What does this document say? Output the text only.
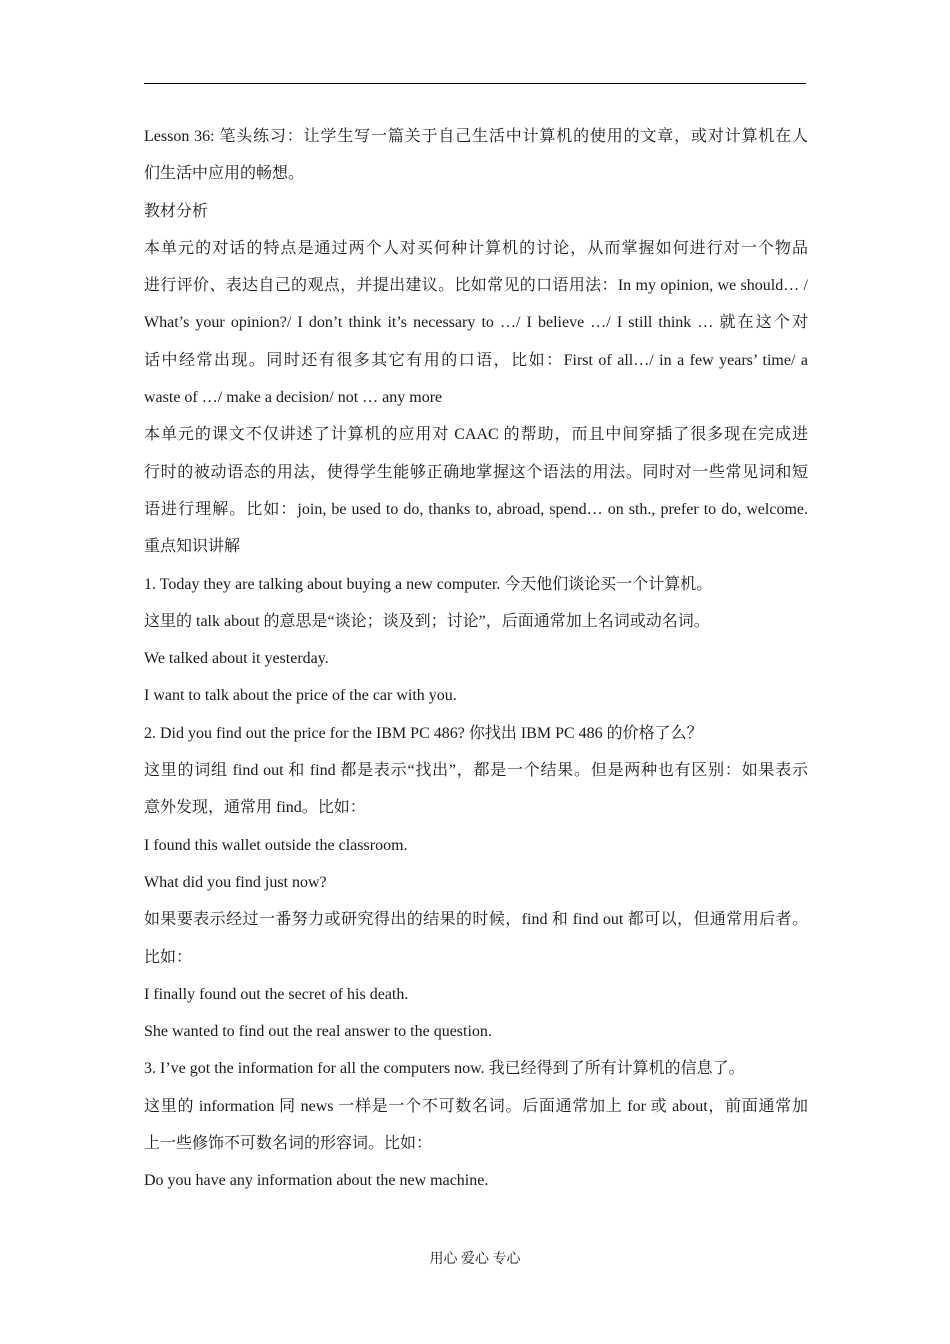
Lesson 36: 笔头练习：让学生写一篇关于自己生活中计算机的使用的文章，或对计算机在人
们生活中应用的畅想。
教材分析
本单元的对话的特点是通过两个人对买何种计算机的讨论，从而掌握如何进行对一个物品
进行评价、表达自己的观点，并提出建议。比如常见的口语用法：In my opinion, we should… /
What’s your opinion?/ I don’t think it’s necessary to …/ I believe …/ I still think … 就在这个对
话中经常出现。同时还有很多其它有用的口语，比如：First of all…/ in a few years’ time/ a
waste of …/ make a decision/ not … any more
本单元的课文不仅讲述了计算机的应用对 CAAC 的帮助，而且中间穿插了很多现在完成进
行时的被动语态的用法，使得学生能够正确地掌握这个语法的用法。同时对一些常见词和短
语进行理解。比如：join, be used to do, thanks to, abroad, spend… on sth., prefer to do, welcome.
重点知识讲解
1. Today they are talking about buying a new computer. 今天他们谈论买一个计算机。
这里的 talk about 的意思是“谈论；谈及到；讨论”，后面通常加上名词或动名词。
We talked about it yesterday.
I want to talk about the price of the car with you.
2. Did you find out the price for the IBM PC 486? 你找出 IBM PC 486 的价格了么？
这里的词组 find out 和 find 都是表示“找出”，都是一个结果。但是两种也有区别：如果表示
意外发现，通常用 find。比如：
I found this wallet outside the classroom.
What did you find just now?
如果要表示经过一番努力或研究得出的结果的时候，find 和 find out 都可以，但通常用后者。
比如：
I finally found out the secret of his death.
She wanted to find out the real answer to the question.
3. I’ve got the information for all the computers now. 我已经得到了所有计算机的信息了。
这里的 information 同 news 一样是一个不可数名词。后面通常加上 for 或 about，前面通常加
上一些修饰不可数名词的形容词。比如：
Do you have any information about the new machine.
用心 爱心 专心
